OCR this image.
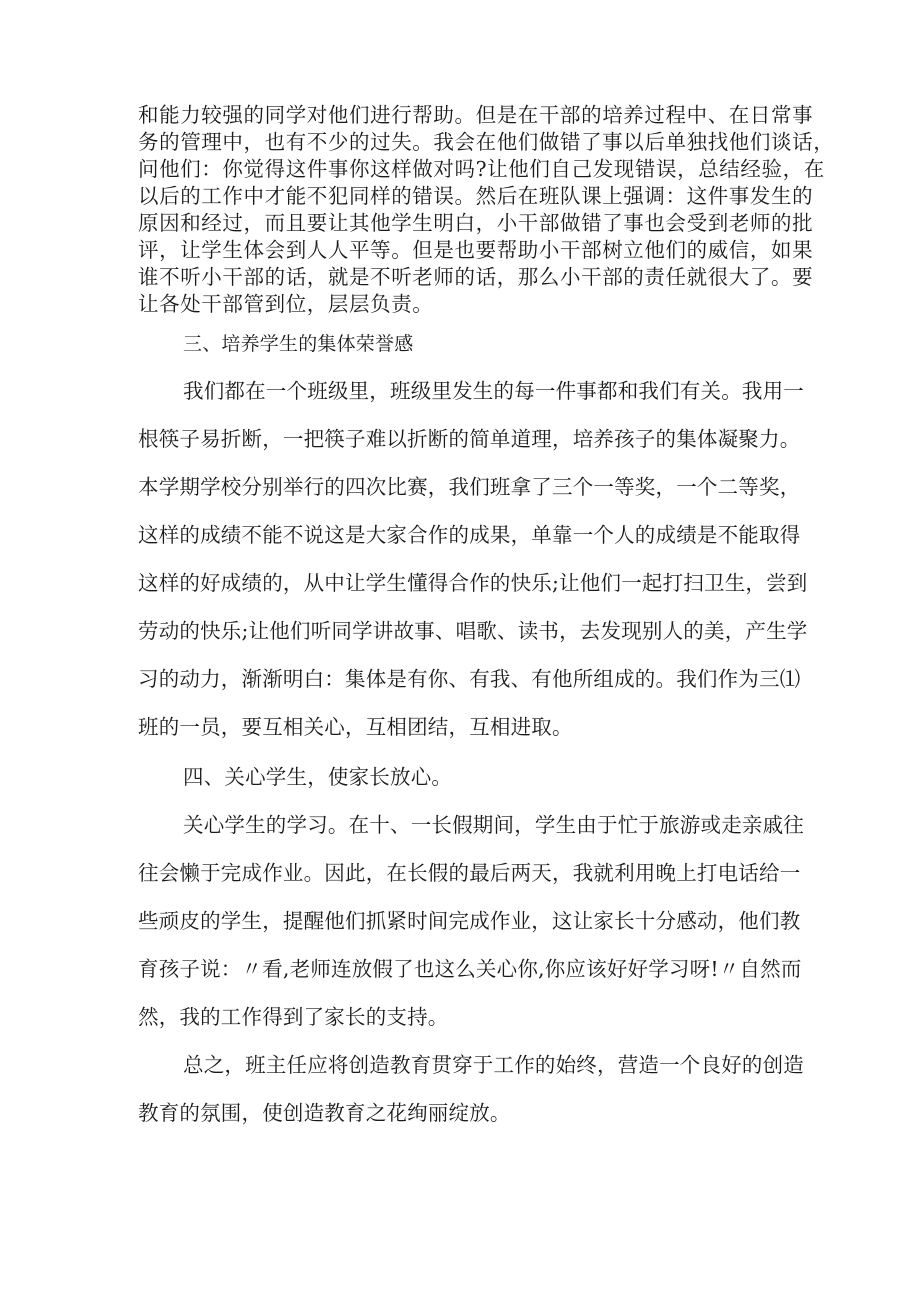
和能力较强的同学对他们进行帮助。但是在干部的培养过程中、在日常事
务的管理中，也有不少的过失。我会在他们做错了事以后单独找他们谈话，
问他们：你觉得这件事你这样做对吗?让他们自己发现错误，总结经验，在
以后的工作中才能不犯同样的错误。然后在班队课上强调：这件事发生的
原因和经过，而且要让其他学生明白，小干部做错了事也会受到老师的批
评，让学生体会到人人平等。但是也要帮助小干部树立他们的威信，如果
谁不听小干部的话，就是不听老师的话，那么小干部的责任就很大了。要
让各处干部管到位，层层负责。
三、培养学生的集体荣誉感
我们都在一个班级里，班级里发生的每一件事都和我们有关。我用一
根筷子易折断，一把筷子难以折断的简单道理，培养孩子的集体凝聚力。
本学期学校分别举行的四次比赛，我们班拿了三个一等奖，一个二等奖，
这样的成绩不能不说这是大家合作的成果，单靠一个人的成绩是不能取得
这样的好成绩的，从中让学生懂得合作的快乐;让他们一起打扫卫生，尝到
劳动的快乐;让他们听同学讲故事、唱歌、读书，去发现别人的美，产生学
习的动力，渐渐明白：集体是有你、有我、有他所组成的。我们作为三⑴
班的一员，要互相关心，互相团结，互相进取。
四、关心学生，使家长放心。
关心学生的学习。在十、一长假期间，学生由于忙于旅游或走亲戚往
往会懒于完成作业。因此，在长假的最后两天，我就利用晚上打电话给一
些顽皮的学生，提醒他们抓紧时间完成作业，这让家长十分感动，他们教
育孩子说：〃看,老师连放假了也这么关心你,你应该好好学习呀!〃自然而
然，我的工作得到了家长的支持。
总之，班主任应将创造教育贯穿于工作的始终，营造一个良好的创造
教育的氛围，使创造教育之花绚丽绽放。
